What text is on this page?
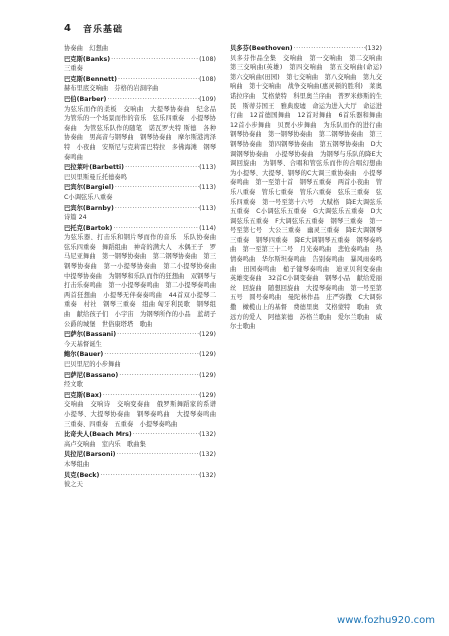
4 音乐基础
协奏曲　幻想曲
巴克斯(Banks) ·····	(108)
三重奏
巴克斯(Bennett) ·····	(108)
赫布里底交响曲　芬格的岩洞序曲
巴伯(Barber) ·····	(109)
为弦乐而作的柔板　交响曲　大提琴协奏曲　纪念品　为管乐的一个场景而作的音乐　弦乐四重奏　小提琴协奏曲　为管弦乐队作的随笔　诺瓦罗夫特 斯德　各种协奏曲　男高音与钢琴曲　钢琴协奏曲　摩尔斯港湾泽特　小夜曲　安斯尼与克莉雷巴特拉　多佛海滩　钢琴奏鸣曲
巴拉莱叶(Barbetti) ·····	(113)
巴贝里斯曼丘托德奏鸣
巴宾尔(Bargiel) ·····	(113)
C小调弦乐八重奏
巴宾尔(Barnby) ·····	(113)
诗篇 24
巴托克(Bartok) ·····	(114)
为弦乐器、打击乐和钢片琴而作的音乐　乐队协奏曲　弦乐四重奏　舞蹈组曲　神奇的满大人　木偶王子　罗马尼亚舞曲　第一钢琴协奏曲　第二钢琴协奏曲　第三钢琴协奏曲　第一小提琴协奏曲　第二小提琴协奏曲　中提琴协奏曲　为钢琴和乐队而作的狂想曲　双钢琴与打击乐奏鸣曲　第一小提琴奏鸣曲　第二小提琴奏鸣曲　两首狂想曲　小提琴无伴奏奏鸣曲　44首双小提琴二重奏　村社　钢琴三重奏　组曲 匈牙利民歌　钢琴组曲　献给孩子们　小宇宙　为钢琴所作的小品　蓝胡子公爵的城堡　世俗康塔塔　歌曲
巴萨尔(Bassani) ·····	(129)
今天基督诞生
鲍尔(Bauer) ·····	(129)
巴贝里尼的小步舞曲
巴萨尼(Bassano) ·····	(129)
经文歌
巴克斯(Bax) ·····	(129)
交响曲　交响诗　交响变奏曲　俄罗斯舞蹈家的系谱　小提琴、大提琴协奏曲　钢琴奏鸣曲　大提琴奏鸣曲　三重奏、四重奏　五重奏　小提琴奏鸣曲
比奇夫人(Beach Mrs) ·····	(132)
高卢交响曲　室内乐　歌曲集
贝拉尼(Barsoni) ·····	(132)
木琴组曲
贝克(Beck) ·····	(132)
彼之天
贝多芬(Beethoven) ·····	(132)
贝多芬作品全集　交响曲　第一交响曲　第二交响曲　第三交响曲(英雄)　第四交响曲　第五交响曲(命运)　第六交响曲(田园)　第七交响曲　第八交响曲　第九交响曲　第十交响曲　战争交响曲(惠灵顿的胜利)　莱奥诺拉序曲　艾格蒙特　科里奥兰序曲　普罗米修斯的生民　斯蒂芬国王　雅典废墟　命运为进入大厅　命运进行曲　12首德国舞曲　12首对舞曲　6首乐器和舞曲　12首小步舞曲　贝贾小步舞曲　为乐队而作的进行曲　钢琴协奏曲　第一钢琴协奏曲　第二钢琴协奏曲　第三钢琴协奏曲　第四钢琴协奏曲　第五钢琴协奏曲　D大调钢琴协奏曲　小提琴协奏曲　为钢琴与乐队的降E大调回旋曲　为钢琴、合唱和管弦乐而作的合唱幻想曲　为小提琴、大提琴、钢琴的C大调三重协奏曲　小提琴奏鸣曲　第一至第十首　钢琴五重奏　两首小夜曲　管乐八重奏　管乐七重奏　管乐六重奏　弦乐三重奏　弦乐四重奏　第一号至第十六号　大赋格　降E大调弦乐五重奏　C小调弦乐五重奏　G大调弦乐五重奏　D大调弦乐五重奏　F大调弦乐五重奏　钢琴三重奏　第一号至第七号　大公三重奏　幽灵三重奏　降E大调钢琴三重奏　钢琴四重奏　降E大调钢琴五重奏　钢琴奏鸣曲　第一至第三十二号　月光奏鸣曲　悲怆奏鸣曲　热情奏鸣曲　华尔斯坦奏鸣曲　告别奏鸣曲　暴风雨奏鸣曲　田园奏鸣曲　槌子键琴奏鸣曲　迪亚贝利变奏曲　英雄变奏曲　32首C小调变奏曲　钢琴小品　献给爱丽丝　回旋曲　随想回旋曲　大提琴奏鸣曲　第一号至第五号　圆号奏鸣曲　曼陀林作品　庄严弥撒　C大调弥撒　橄榄山上的基督　费德里奥　艾格蒙特　歌曲　致远方的爱人　阿德莱德　苏格兰歌曲　爱尔兰歌曲　威尔士歌曲
www.fozhu920.com
